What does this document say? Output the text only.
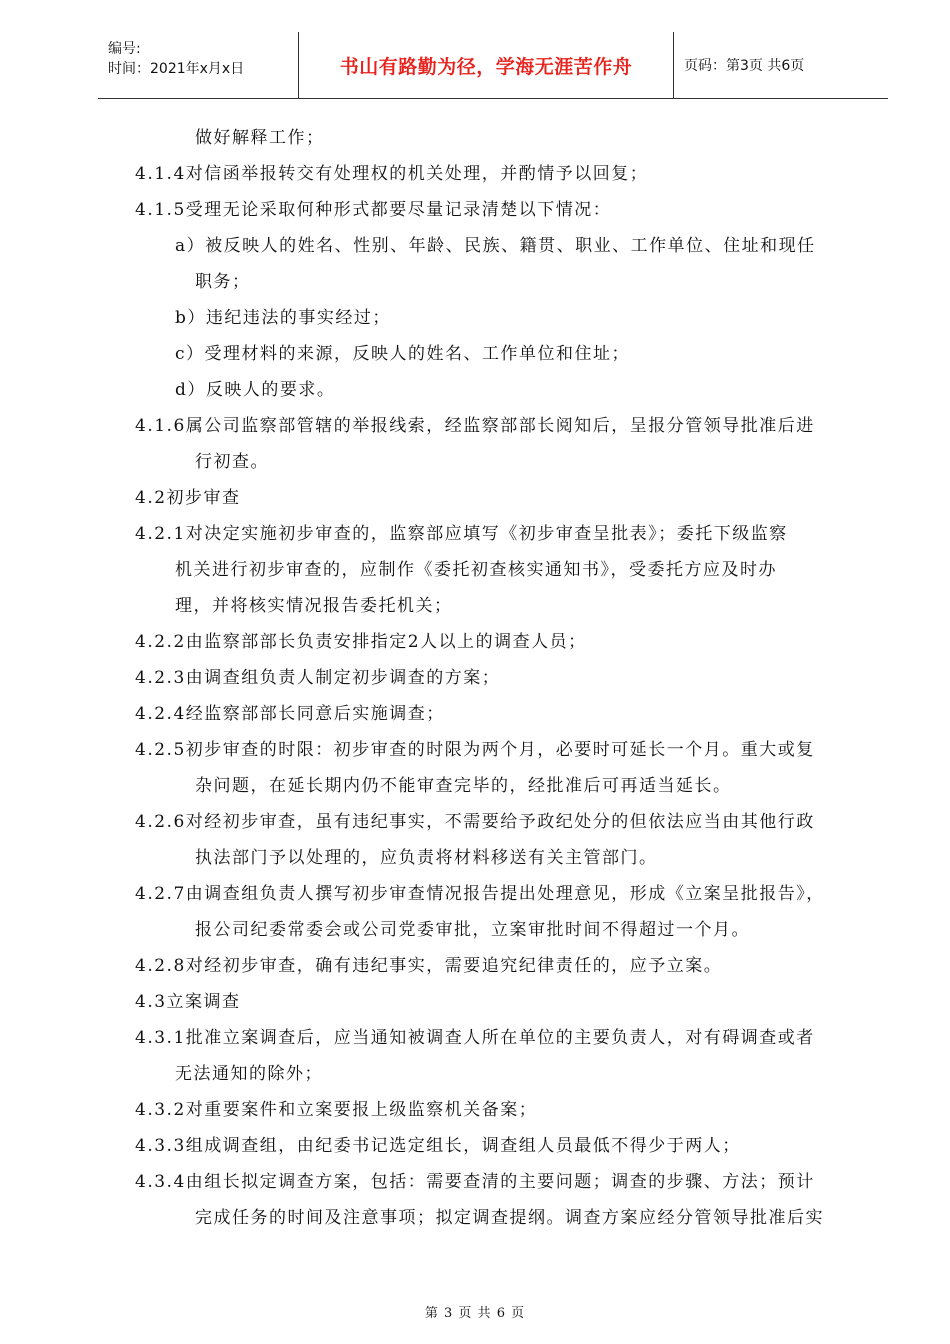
编号:
时间：2021年x月x日	书山有路勤为径，学海无涯苦作舟	页码：第3页 共6页
做好解释工作；
4.1.4对信函举报转交有处理权的机关处理，并酌情予以回复；
4.1.5受理无论采取何种形式都要尽量记录清楚以下情况：
a）被反映人的姓名、性别、年龄、民族、籍贯、职业、工作单位、住址和现任
职务；
b）违纪违法的事实经过；
c）受理材料的来源，反映人的姓名、工作单位和住址；
d）反映人的要求。
4.1.6属公司监察部管辖的举报线索，经监察部部长阅知后，呈报分管领导批准后进
行初查。
4.2初步审查
4.2.1对决定实施初步审查的，监察部应填写《初步审查呈批表》；委托下级监察
机关进行初步审查的，应制作《委托初查核实通知书》，受委托方应及时办
理，并将核实情况报告委托机关；
4.2.2由监察部部长负责安排指定2人以上的调查人员；
4.2.3由调查组负责人制定初步调查的方案；
4.2.4经监察部部长同意后实施调查；
4.2.5初步审查的时限：初步审查的时限为两个月，必要时可延长一个月。重大或复
杂问题，在延长期内仍不能审查完毕的，经批准后可再适当延长。
4.2.6对经初步审查，虽有违纪事实，不需要给予政纪处分的但依法应当由其他行政
执法部门予以处理的，应负责将材料移送有关主管部门。
4.2.7由调查组负责人撰写初步审查情况报告提出处理意见，形成《立案呈批报告》，
报公司纪委常委会或公司党委审批，立案审批时间不得超过一个月。
4.2.8对经初步审查，确有违纪事实，需要追究纪律责任的，应予立案。
4.3立案调查
4.3.1批准立案调查后，应当通知被调查人所在单位的主要负责人，对有碍调查或者
无法通知的除外；
4.3.2对重要案件和立案要报上级监察机关备案；
4.3.3组成调查组，由纪委书记选定组长，调查组人员最低不得少于两人；
4.3.4由组长拟定调查方案，包括：需要查清的主要问题；调查的步骤、方法；预计
完成任务的时间及注意事项；拟定调查提纲。调查方案应经分管领导批准后实
第 3 页 共 6 页
